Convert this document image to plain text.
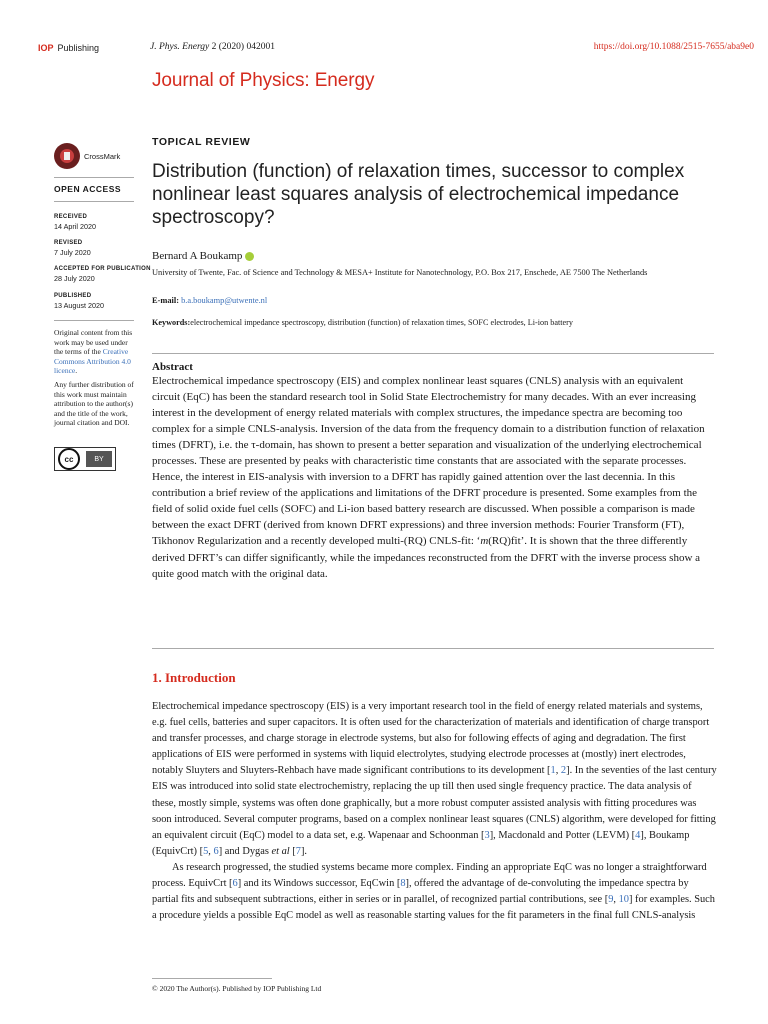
IOP Publishing	J. Phys. Energy 2 (2020) 042001	https://doi.org/10.1088/2515-7655/aba9e0
Journal of Physics: Energy
CrossMark
OPEN ACCESS
RECEIVED
14 April 2020
REVISED
7 July 2020
ACCEPTED FOR PUBLICATION
28 July 2020
PUBLISHED
13 August 2020

Original content from this work may be used under the terms of the Creative Commons Attribution 4.0 licence.

Any further distribution of this work must maintain attribution to the author(s) and the title of the work, journal citation and DOI.

cc	BY
TOPICAL REVIEW
Distribution (function) of relaxation times, successor to complex nonlinear least squares analysis of electrochemical impedance spectroscopy?
Bernard A Boukamp
University of Twente, Fac. of Science and Technology & MESA+ Institute for Nanotechnology, P.O. Box 217, Enschede, AE 7500 The Netherlands
E-mail: b.a.boukamp@utwente.nl
Keywords:electrochemical impedance spectroscopy, distribution (function) of relaxation times, SOFC electrodes, Li-ion battery
Abstract

Electrochemical impedance spectroscopy (EIS) and complex nonlinear least squares (CNLS) analysis with an equivalent circuit (EqC) has been the standard research tool in Solid State Electrochemistry for many decades. With an ever increasing interest in the development of energy related materials with complex structures, the impedance spectra are becoming too complex for a simple CNLS-analysis. Inversion of the data from the frequency domain to a distribution function of relaxation times (DFRT), i.e. the τ-domain, has shown to present a better separation and visualization of the underlying electrochemical processes. These are presented by peaks with characteristic time constants that are associated with the separate processes. Hence, the interest in EIS-analysis with inversion to a DFRT has rapidly gained attention over the last decennia. In this contribution a brief review of the applications and limitations of the DFRT procedure is presented. Some examples from the field of solid oxide fuel cells (SOFC) and Li-ion based battery research are discussed. When possible a comparison is made between the exact DFRT (derived from known DFRT expressions) and three inversion methods: Fourier Transform (FT), Tikhonov Regularization and a recently developed multi-(RQ) CNLS-fit: ‘m(RQ)fit’. It is shown that the three differently derived DFRT’s can differ significantly, while the impedances reconstructed from the DFRT with the inverse process show a quite good match with the original data.

1. Introduction

Electrochemical impedance spectroscopy (EIS) is a very important research tool in the field of energy related materials and systems, e.g. fuel cells, batteries and super capacitors. It is often used for the characterization of materials and identification of charge transport and transfer processes, and charge storage in electrode systems, but also for following effects of aging and degradation. The first applications of EIS were performed in systems with liquid electrolytes, studying electrode processes at (mostly) inert electrodes, notably Sluyters and Sluyters-Rehbach have made significant contributions to its development [1, 2]. In the seventies of the last century EIS was introduced into solid state electrochemistry, replacing the up till then used single frequency practice. The data analysis of these, mostly simple, systems was often done graphically, but a more robust computer assisted analysis with fitting procedures was soon introduced. Several computer programs, based on a complex nonlinear least squares (CNLS) algorithm, were developed for fitting an equivalent circuit (EqC) model to a data set, e.g. Wapenaar and Schoonman [3], Macdonald and Potter (LEVM) [4], Boukamp (EquivCrt) [5, 6] and Dygas et al [7].

As research progressed, the studied systems became more complex. Finding an appropriate EqC was no longer a straightforward process. EquivCrt [6] and its Windows successor, EqCwin [8], offered the advantage of de-convoluting the impedance spectra by partial fits and subsequent subtractions, either in series or in parallel, of recognized partial contributions, see [9, 10] for examples. Such a procedure yields a possible EqC model as well as reasonable starting values for the fit parameters in the final full CNLS-analysis

© 2020 The Author(s). Published by IOP Publishing Ltd
